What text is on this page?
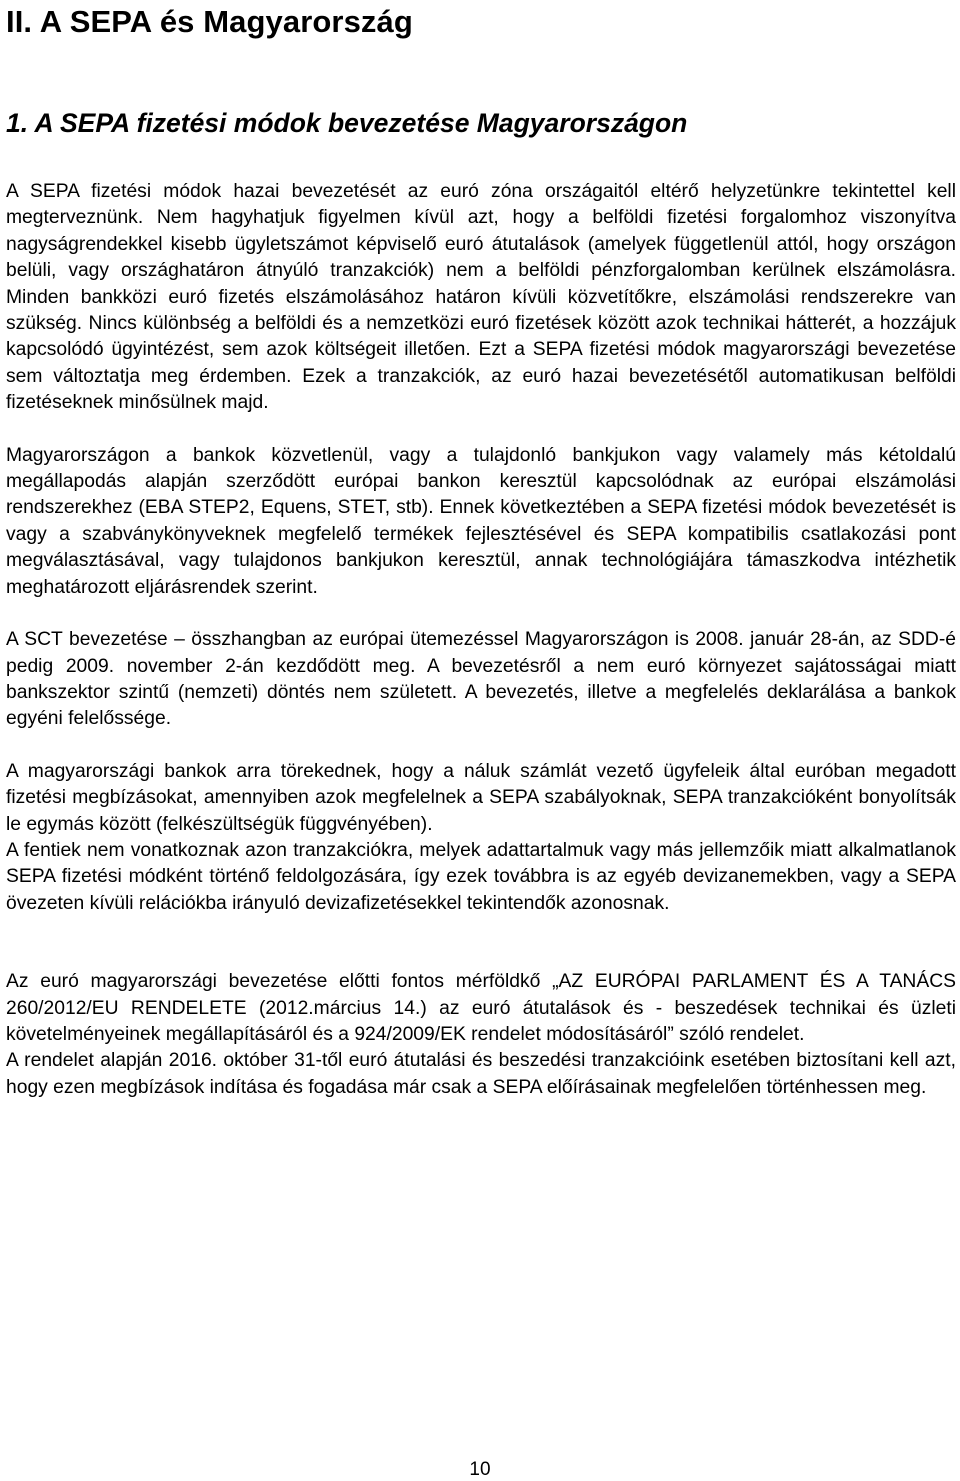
II. A SEPA és Magyarország
1. A SEPA fizetési módok bevezetése Magyarországon

A SEPA fizetési módok hazai bevezetését az euró zóna országaitól eltérő helyzetünkre tekintettel kell megterveznünk. Nem hagyhatjuk figyelmen kívül azt, hogy a belföldi fizetési forgalomhoz viszonyítva nagyságrendekkel kisebb ügyletszámot képviselő euró átutalások (amelyek függetlenül attól, hogy országon belüli, vagy országhatáron átnyúló tranzakciók) nem a belföldi pénzforgalomban kerülnek elszámolásra. Minden bankközi euró fizetés elszámolásához határon kívüli közvetítőkre, elszámolási rendszerekre van szükség. Nincs különbség a belföldi és a nemzetközi euró fizetések között azok technikai hátterét, a hozzájuk kapcsolódó ügyintézést, sem azok költségeit illetően. Ezt a SEPA fizetési módok magyarországi bevezetése sem változtatja meg érdemben. Ezek a tranzakciók, az euró hazai bevezetésétől automatikusan belföldi fizetéseknek minősülnek majd.

Magyarországon a bankok közvetlenül, vagy a tulajdonló bankjukon vagy valamely más kétoldalú megállapodás alapján szerződött európai bankon keresztül kapcsolódnak az európai elszámolási rendszerekhez (EBA STEP2, Equens, STET, stb). Ennek következtében a SEPA fizetési módok bevezetését is vagy a szabványkönyveknek megfelelő termékek fejlesztésével és SEPA kompatibilis csatlakozási pont megválasztásával, vagy tulajdonos bankjukon keresztül, annak technológiájára támaszkodva intézhetik meghatározott eljárásrendek szerint.

A SCT bevezetése – összhangban az európai ütemezéssel Magyarországon is 2008. január 28-án, az SDD-é pedig 2009. november 2-án kezdődött meg. A bevezetésről a nem euró környezet sajátosságai miatt bankszektor szintű (nemzeti) döntés nem született. A bevezetés, illetve a megfelelés deklarálása a bankok egyéni felelőssége.

A magyarországi bankok arra törekednek, hogy a náluk számlát vezető ügyfeleik által euróban megadott fizetési megbízásokat, amennyiben azok megfelelnek a SEPA szabályoknak, SEPA tranzakcióként bonyolítsák le egymás között (felkészültségük függvényében).

A fentiek nem vonatkoznak azon tranzakciókra, melyek adattartalmuk vagy más jellemzőik miatt alkalmatlanok SEPA fizetési módként történő feldolgozására, így ezek továbbra is az egyéb devizanemekben, vagy a SEPA övezeten kívüli relációkba irányuló devizafizetésekkel tekintendők azonosnak.

Az euró magyarországi bevezetése előtti fontos mérföldkő „AZ EURÓPAI PARLAMENT ÉS A TANÁCS 260/2012/EU RENDELETE (2012.március 14.) az euró átutalások és - beszedések technikai és üzleti követelményeinek megállapításáról és a 924/2009/EK rendelet módosításáról” szóló rendelet.

A rendelet alapján 2016. október 31-től euró átutalási és beszedési tranzakcióink esetében biztosítani kell azt, hogy ezen megbízások indítása és fogadása már csak a SEPA előírásainak megfelelően történhessen meg.

10
